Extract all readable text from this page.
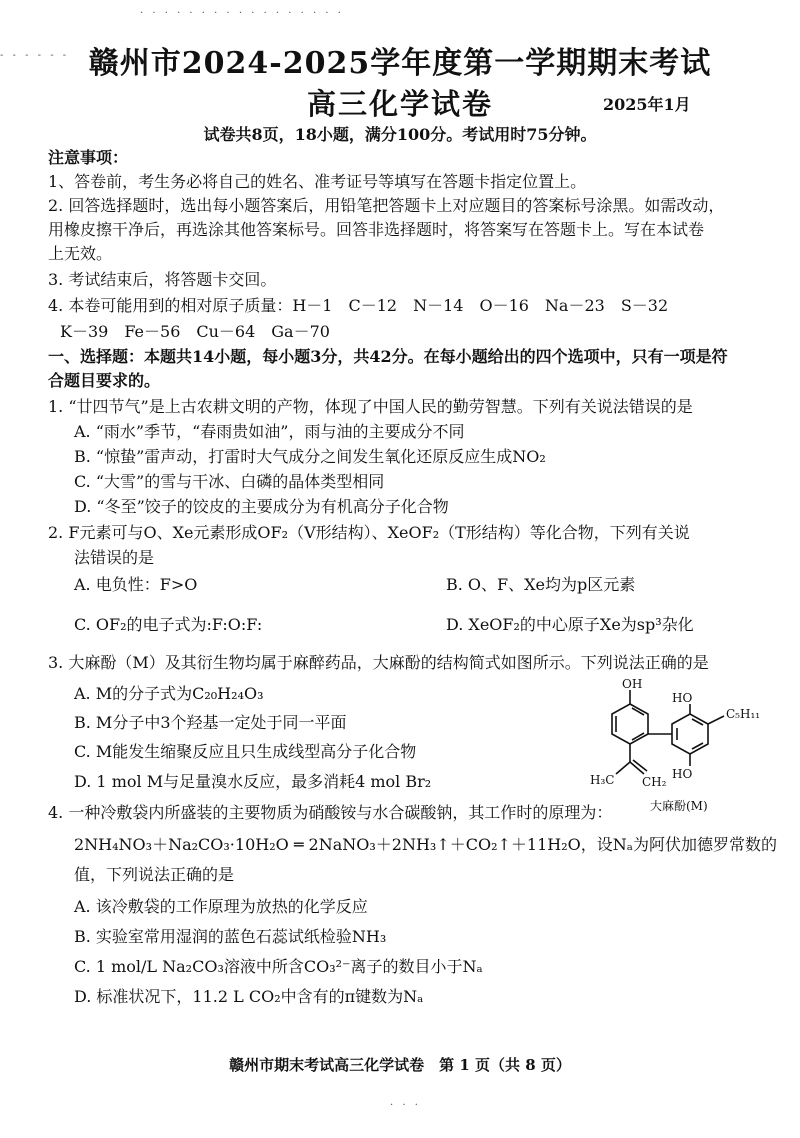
· · · · · · · · · · · · · · · · ·
- - - - - - 赣州市2024-2025学年度第一学期期末考试
高三化学试卷	2025年1月
试卷共8页，18小题，满分100分。考试用时75分钟。
注意事项：
1、答卷前，考生务必将自己的姓名、准考证号等填写在答题卡指定位置上。
2. 回答选择题时，选出每小题答案后，用铅笔把答题卡上对应题目的答案标号涂黑。如需改动，
用橡皮擦干净后，再选涂其他答案标号。回答非选择题时，将答案写在答题卡上。写在本试卷
上无效。
3. 考试结束后，将答题卡交回。
4. 本卷可能用到的相对原子质量：H－1　C－12　N－14　O－16　Na－23　S－32
K－39　Fe－56　Cu－64　Ga－70
一、选择题：本题共14小题，每小题3分，共42分。在每小题给出的四个选项中，只有一项是符
合题目要求的。
1. “廿四节气”是上古农耕文明的产物，体现了中国人民的勤劳智慧。下列有关说法错误的是
A. “雨水”季节，“春雨贵如油”，雨与油的主要成分不同
B. “惊蛰”雷声动，打雷时大气成分之间发生氧化还原反应生成NO₂
C. “大雪”的雪与干冰、白磷的晶体类型相同
D. “冬至”饺子的饺皮的主要成分为有机高分子化合物
2. F元素可与O、Xe元素形成OF₂（V形结构）、XeOF₂（T形结构）等化合物，下列有关说
法错误的是
A. 电负性：F>O	B. O、F、Xe均为p区元素
C. OF₂的电子式为:F:O:F:	D. XeOF₂的中心原子Xe为sp³杂化
3. 大麻酚（M）及其衍生物均属于麻醉药品，大麻酚的结构简式如图所示。下列说法正确的是
A. M的分子式为C₂₀H₂₄O₃
B. M分子中3个羟基一定处于同一平面
C. M能发生缩聚反应且只生成线型高分子化合物
D. 1 mol M与足量溴水反应，最多消耗4 mol Br₂
OH
HO
HO
C₅H₁₁
H₃C CH₂
大麻酚(M)
4. 一种冷敷袋内所盛装的主要物质为硝酸铵与水合碳酸钠，其工作时的原理为：
2NH₄NO₃＋Na₂CO₃·10H₂O ═ 2NaNO₃＋2NH₃↑＋CO₂↑＋11H₂O，设Nₐ为阿伏加德罗常数的
值，下列说法正确的是
A. 该冷敷袋的工作原理为放热的化学反应
B. 实验室常用湿润的蓝色石蕊试纸检验NH₃
C. 1 mol/L Na₂CO₃溶液中所含CO₃²⁻离子的数目小于Nₐ
D. 标准状况下，11.2 L CO₂中含有的π键数为Nₐ
赣州市期末考试高三化学试卷　第 1 页（共 8 页）
· · ·
